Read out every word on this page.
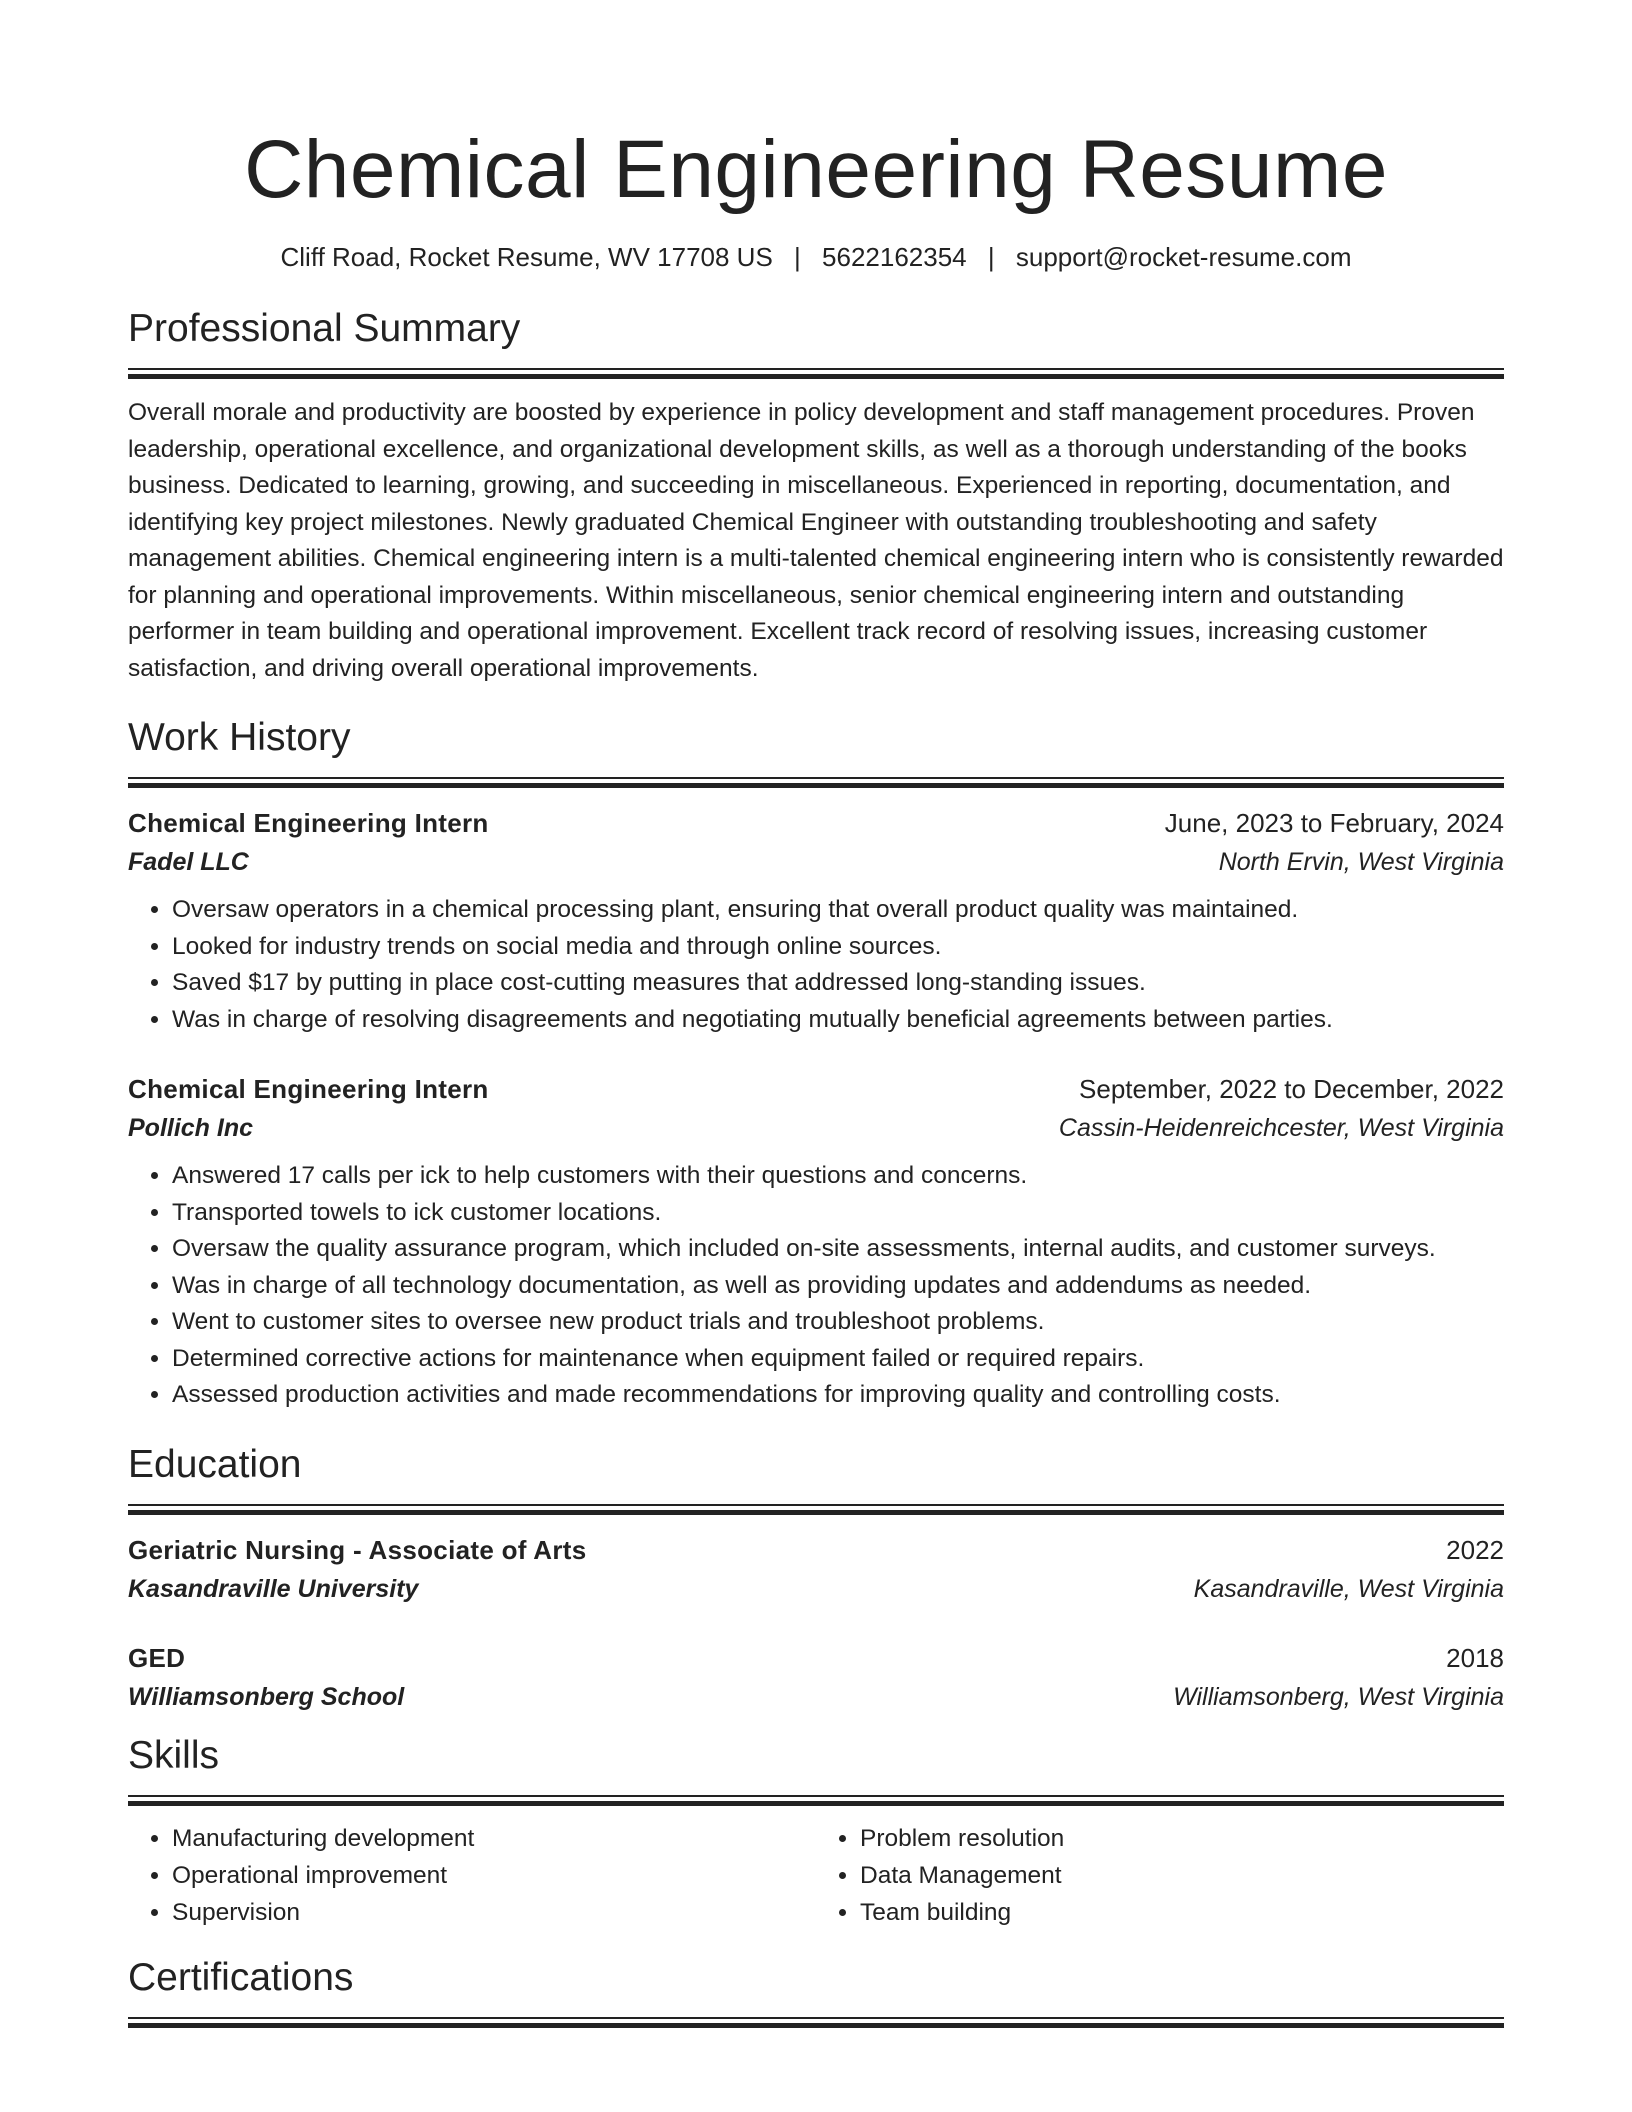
Chemical Engineering Resume
Cliff Road, Rocket Resume, WV 17708 US | 5622162354 | support@rocket-resume.com
Professional Summary
Overall morale and productivity are boosted by experience in policy development and staff management procedures. Proven leadership, operational excellence, and organizational development skills, as well as a thorough understanding of the books business. Dedicated to learning, growing, and succeeding in miscellaneous. Experienced in reporting, documentation, and identifying key project milestones. Newly graduated Chemical Engineer with outstanding troubleshooting and safety management abilities. Chemical engineering intern is a multi-talented chemical engineering intern who is consistently rewarded for planning and operational improvements. Within miscellaneous, senior chemical engineering intern and outstanding performer in team building and operational improvement. Excellent track record of resolving issues, increasing customer satisfaction, and driving overall operational improvements.
Work History
Chemical Engineering Intern	June, 2023 to February, 2024
Fadel LLC	North Ervin, West Virginia
• Oversaw operators in a chemical processing plant, ensuring that overall product quality was maintained.
• Looked for industry trends on social media and through online sources.
• Saved $17 by putting in place cost-cutting measures that addressed long-standing issues.
• Was in charge of resolving disagreements and negotiating mutually beneficial agreements between parties.
Chemical Engineering Intern	September, 2022 to December, 2022
Pollich Inc	Cassin-Heidenreichcester, West Virginia
• Answered 17 calls per ick to help customers with their questions and concerns.
• Transported towels to ick customer locations.
• Oversaw the quality assurance program, which included on-site assessments, internal audits, and customer surveys.
• Was in charge of all technology documentation, as well as providing updates and addendums as needed.
• Went to customer sites to oversee new product trials and troubleshoot problems.
• Determined corrective actions for maintenance when equipment failed or required repairs.
• Assessed production activities and made recommendations for improving quality and controlling costs.
Education
Geriatric Nursing - Associate of Arts	2022
Kasandraville University	Kasandraville, West Virginia
GED	2018
Williamsonberg School	Williamsonberg, West Virginia
Skills
• Manufacturing development
• Operational improvement
• Supervision
• Problem resolution
• Data Management
• Team building
Certifications
